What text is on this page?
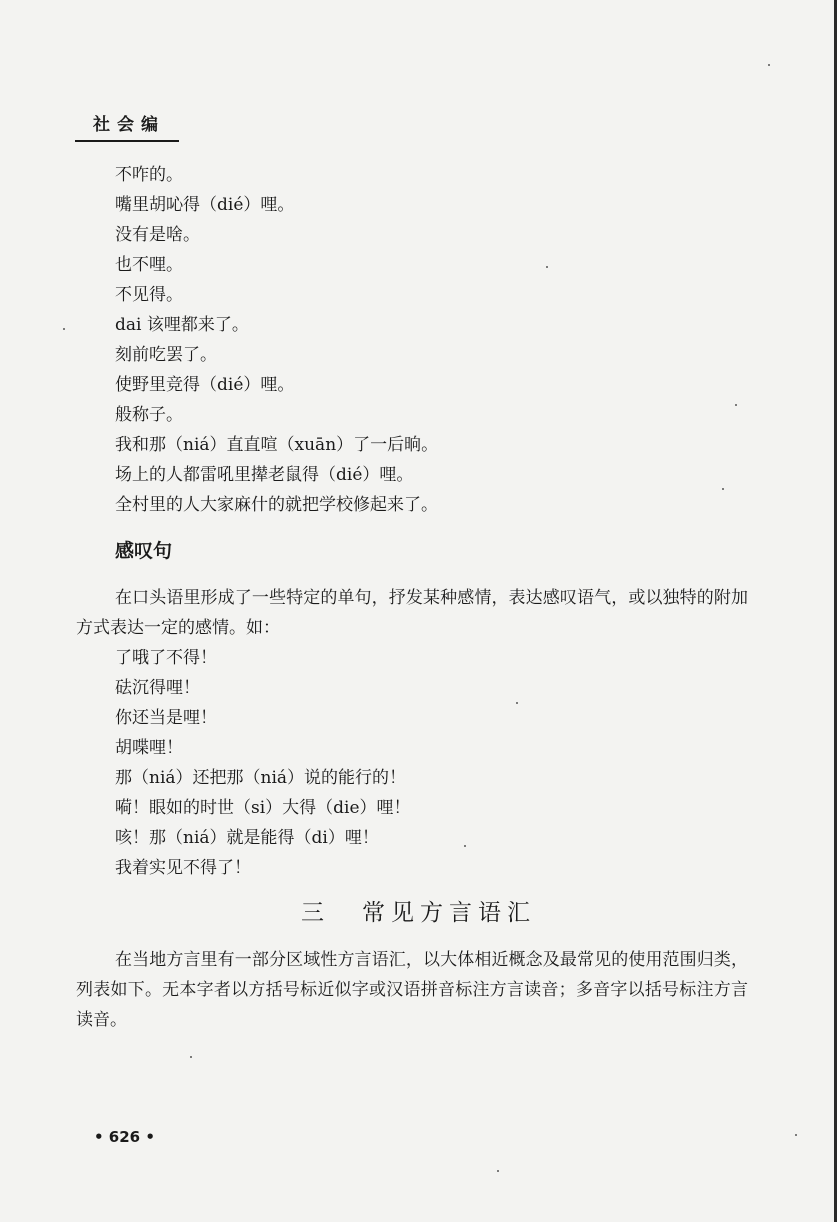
社会编
不咋的。
嘴里胡吣得（dié）哩。
没有是啥。
也不哩。
不见得。
dai 该哩都来了。
刻前吃罢了。
使野里竞得（dié）哩。
般称子。
我和那（niá）直直喧（xuān）了一后晌。
场上的人都雷吼里撵老鼠得（dié）哩。
全村里的人大家麻什的就把学校修起来了。
感叹句

在口头语里形成了一些特定的单句，抒发某种感情，表达感叹语气，或以独特的附加方式表达一定的感情。如：

了哦了不得！
砝沉得哩！
你还当是哩！
胡喋哩！
那（niá）还把那（niá）说的能行的！
嗬！眼如的时世（si）大得（die）哩！
咳！那（niá）就是能得（di）哩！
我着实见不得了！
三 常见方言语汇

在当地方言里有一部分区域性方言语汇，以大体相近概念及最常见的使用范围归类，列表如下。无本字者以方括号标近似字或汉语拼音标注方言读音；多音字以括号标注方言读音。

• 626 •
